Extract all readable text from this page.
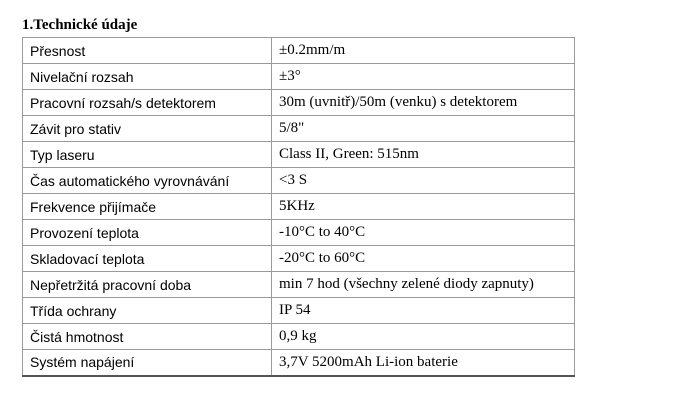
1.Technické údaje
Přesnost	±0.2mm/m
Nivelační rozsah	±3°
Pracovní rozsah/s detektorem	30m (uvnitř)/50m (venku) s detektorem
Závit pro stativ	5/8"
Typ laseru	Class II, Green: 515nm
Čas automatického vyrovnávání	<3 S
Frekvence přijímače	5KHz
Provození teplota	-10°C to 40°C
Skladovací teplota	-20°C to 60°C
Nepřetržitá pracovní doba	min 7 hod (všechny zelené diody zapnuty)
Třída ochrany	IP 54
Čistá hmotnost	0,9 kg
Systém napájení	3,7V 5200mAh Li-ion baterie
